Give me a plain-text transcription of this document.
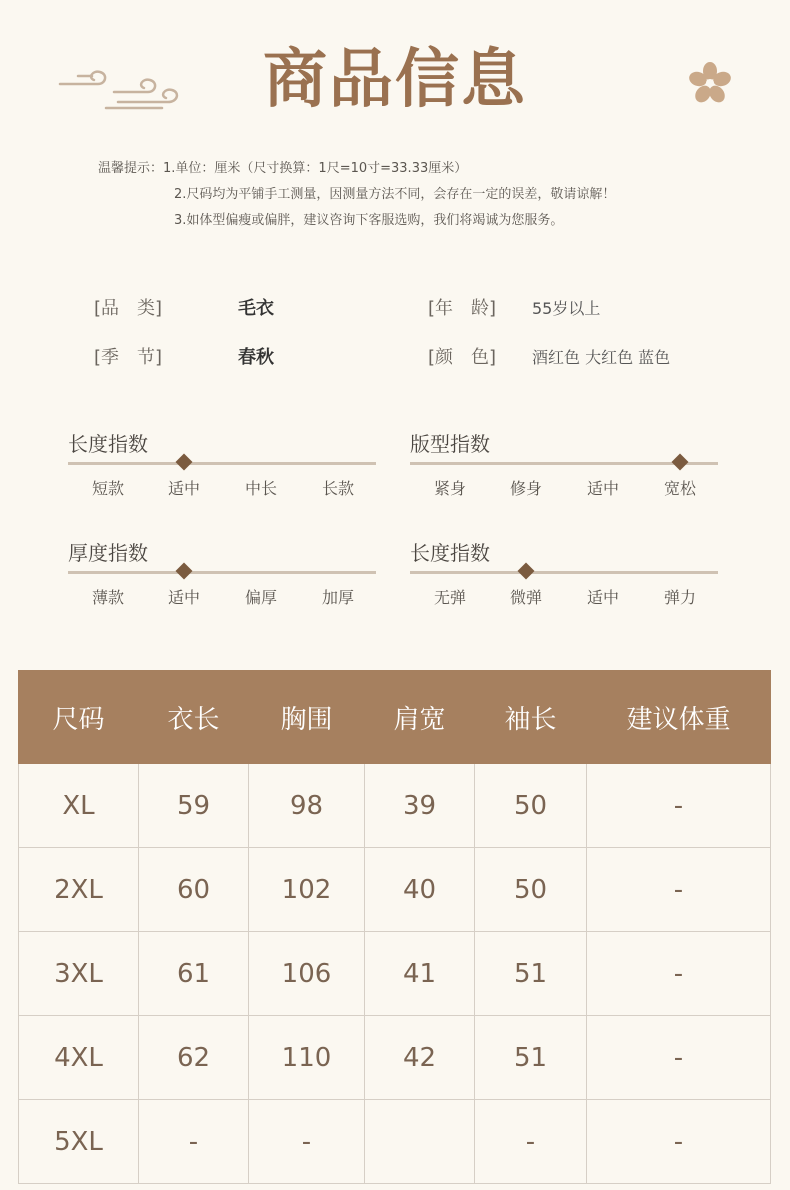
商品信息
温馨提示：1.单位：厘米（尺寸换算：1尺=10寸=33.33厘米）
2.尺码均为平铺手工测量，因测量方法不同，会存在一定的误差，敬请谅解！
3.如体型偏瘦或偏胖，建议咨询下客服选购，我们将竭诚为您服务。
[品　类]	毛衣	[年　龄] 55岁以上
[季　节]	春秋	[颜　色] 酒红色 大红色 蓝色
长度指数
短款	适中	中长	长款
版型指数
紧身	修身	适中	宽松
厚度指数
薄款	适中	偏厚	加厚
长度指数
无弹	微弹	适中	弹力
尺码	衣长	胸围	肩宽	袖长	建议体重
XL	59	98	39	50	-
2XL	60	102	40	50	-
3XL	61	106	41	51	-
4XL	62	110	42	51	-
5XL	-	-		-	-
